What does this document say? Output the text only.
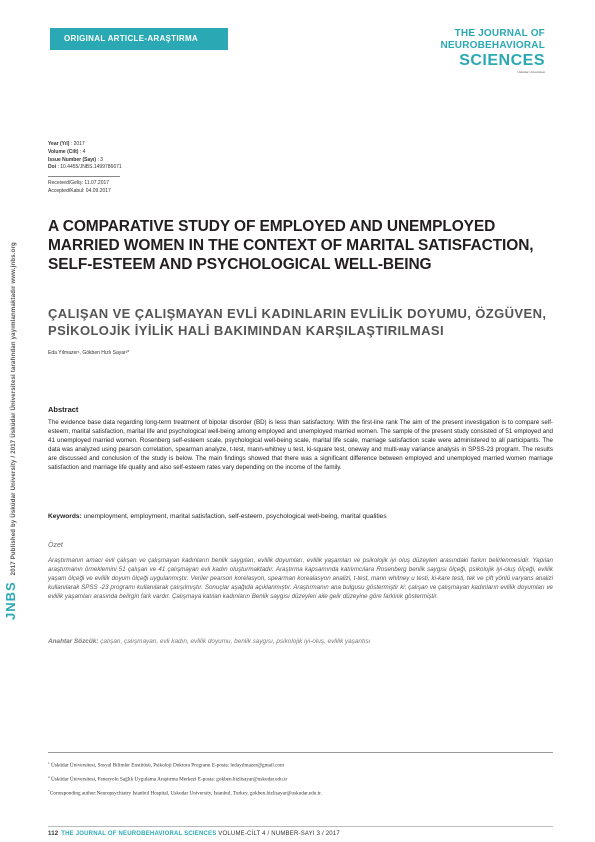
ORIGINAL ARTICLE-ARAŞTIRMA	THE JOURNAL OF
NEUROBEHAVIORAL
SCIENCES
Üsküdar Üniversitesi
JNBS2017 Published by Üsküdar University / 2017 Üsküdar Üniversitesi tarafından yayımlanmaktadır www.jnbs.org
Year (Yıl) : 2017
Volume (Cilt) : 4
Issue Number (Sayı) : 3
Doi : 10.4455/JNBS.1499786671
Received/Geliş: 11.07.2017
Accepted/Kabul: 04.09.2017
A COMPARATIVE STUDY OF EMPLOYED AND UNEMPLOYED MARRIED WOMEN IN THE CONTEXT OF MARITAL SATISFACTION, SELF-ESTEEM AND PSYCHOLOGICAL WELL-BEING
ÇALIŞAN VE ÇALIŞMAYAN EVLİ KADINLARIN EVLİLİK DOYUMU, ÖZGÜVEN, PSİKOLOJİK İYİLİK HALİ BAKIMINDAN KARŞILAŞTIRILMASI
Eda Yılmazer¹, Gökben Hızlı Sayar²*
Abstract
The evidence base data regarding long-term treatment of bipolar disorder (BD) is less than satisfactory. With the first-line rank The aim of the present investigation is to compare self-esteem, marital satisfaction, marital life and psychological well-being among employed and unemployed married women. The sample of the present study consisted of 51 employed and 41 unemployed married women. Rosenberg self-esteem scale, psychological well-being scale, marital life scale, marriage satisfaction scale were administered to all participants. The data was analyzed using pearson correlation, spearman analyze, t-test, mann-whitney u test, ki-square test, oneway and multi-way variance analysis in SPSS-23 program. The results are discussed and conclusion of the study is below. The main findings showed that there was a significant difference between employed and unemployed married women marriage satisfaction and marriage life quality and also self-esteem rates vary depending on the income of the family.
Keywords: unemployment, employment, marital satisfaction, self-esteem, psychological well-being, marital qualities
Özet
Araştırmanın amacı evli çalışan ve çalışmayan kadınların benlik saygıları, evlilik doyumları, evlilik yaşamları ve psikolojik iyi oluş düzeyleri arasındaki farkın belirlenmesidir. Yapılan araştırmanın örneklemini 51 çalışan ve 41 çalışmayan evli kadın oluşturmaktadır. Araştırma kapsamında katılımcılara Rosenberg benlik saygısı ölçeği, psikolojik iyi-oluş ölçeği, evlilik yaşam ölçeği ve evlilik doyum ölçeği uygulanmıştır. Veriler pearson korelasyon, spearman korealasyon analizi, t-test, mann whitney u testi, ki-kare testi, tek ve çift yönlü varyans analizi kullanılarak SPSS -23 programı kullanılarak çalışılmıştır. Sonuçlar aşağıda açıklanmıştır. Araştırmanın ana bulgusu göstermiştir ki; çalışan ve çalışmayan kadınların evlilik doyumları ve evlilik yaşamları arasında belirgin fark vardır. Çalışmaya katılan kadınların Benlik saygısı düzeyleri aile gelir düzeyine göre farklılık göstermiştir.
Anahtar Sözcük: çalışan, çalışmayan, evli kadın, evlilik doyumu, benlik saygısı, psikolojik iyi-oluş, evlilik yaşantısı
$^1$ Üsküdar Üniversitesi, Sosyal Bilimler Enstitüsü, Psikoloji Doktora Programı E-posta: ledayılmazer@gmail.com
$^2$ Üsküdar Üniversitesi, Feneryolu Sağlık Uygulama Araştırma Merkezi E-posta: gokben.hizlisayar@uskudar.edu.tr
*Corresponding author:Neuropsychiatry Istanbul Hospital, Uskudar University, Istanbul, Turkey, gokben.hizlisayar@uskudar.edu.tr.
112 THE JOURNAL OF NEUROBEHAVIORAL SCIENCES VOLUME-CİLT 4 / NUMBER-SAYI 3 / 2017
